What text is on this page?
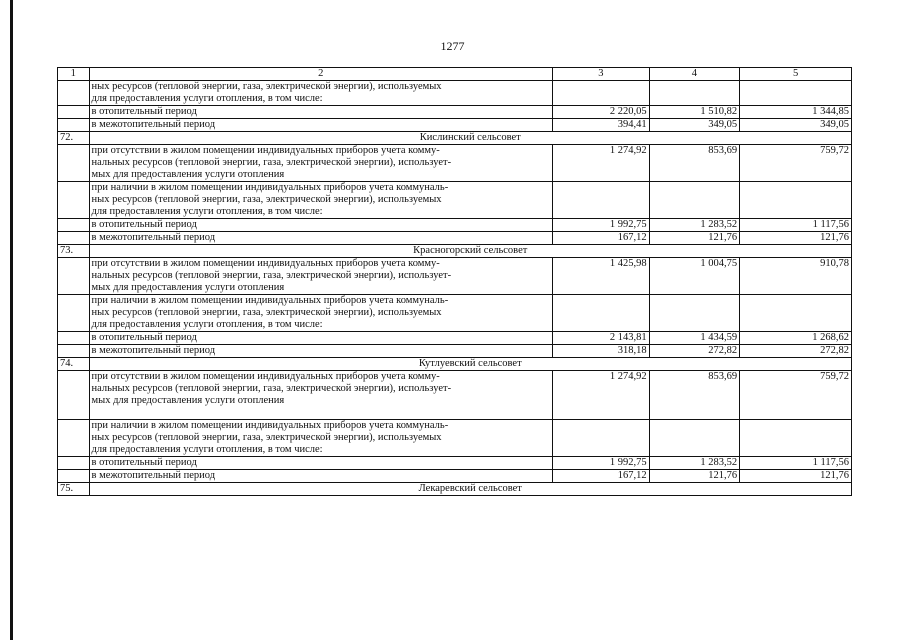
1277
1	2	3	4	5

	ных ресурсов (тепловой энергии, газа, электрической энергии), используемых
для предоставления услуги отопления, в том числе:			

	в отопительный период	2 220,05	1 510,82	1 344,85

	в межотопительный период	394,41	349,05	349,05
72.	Кислинский сельсовет			

	при отсутствии в жилом помещении индивидуальных приборов учета комму-
нальных ресурсов (тепловой энергии, газа, электрической энергии), использует-
мых для предоставления услуги отопления	1 274,92	853,69	759,72

	при наличии в жилом помещении индивидуальных приборов учета коммуналь-
ных ресурсов (тепловой энергии, газа, электрической энергии), используемых
для предоставления услуги отопления, в том числе:			

	в отопительный период	1 992,75	1 283,52	1 117,56

	в межотопительный период	167,12	121,76	121,76
73.	Красногорский сельсовет			

	при отсутствии в жилом помещении индивидуальных приборов учета комму-
нальных ресурсов (тепловой энергии, газа, электрической энергии), использует-
мых для предоставления услуги отопления	1 425,98	1 004,75	910,78

	при наличии в жилом помещении индивидуальных приборов учета коммуналь-
ных ресурсов (тепловой энергии, газа, электрической энергии), используемых
для предоставления услуги отопления, в том числе:			

	в отопительный период	2 143,81	1 434,59	1 268,62

	в межотопительный период	318,18	272,82	272,82
74.	Кутлуевский сельсовет			

	при отсутствии в жилом помещении индивидуальных приборов учета комму-
нальных ресурсов (тепловой энергии, газа, электрической энергии), использует-
мых для предоставления услуги отопления	1 274,92	853,69	759,72

	при наличии в жилом помещении индивидуальных приборов учета коммуналь-
ных ресурсов (тепловой энергии, газа, электрической энергии), используемых
для предоставления услуги отопления, в том числе:			

	в отопительный период	1 992,75	1 283,52	1 117,56

	в межотопительный период	167,12	121,76	121,76
75.	Лекаревский сельсовет			
